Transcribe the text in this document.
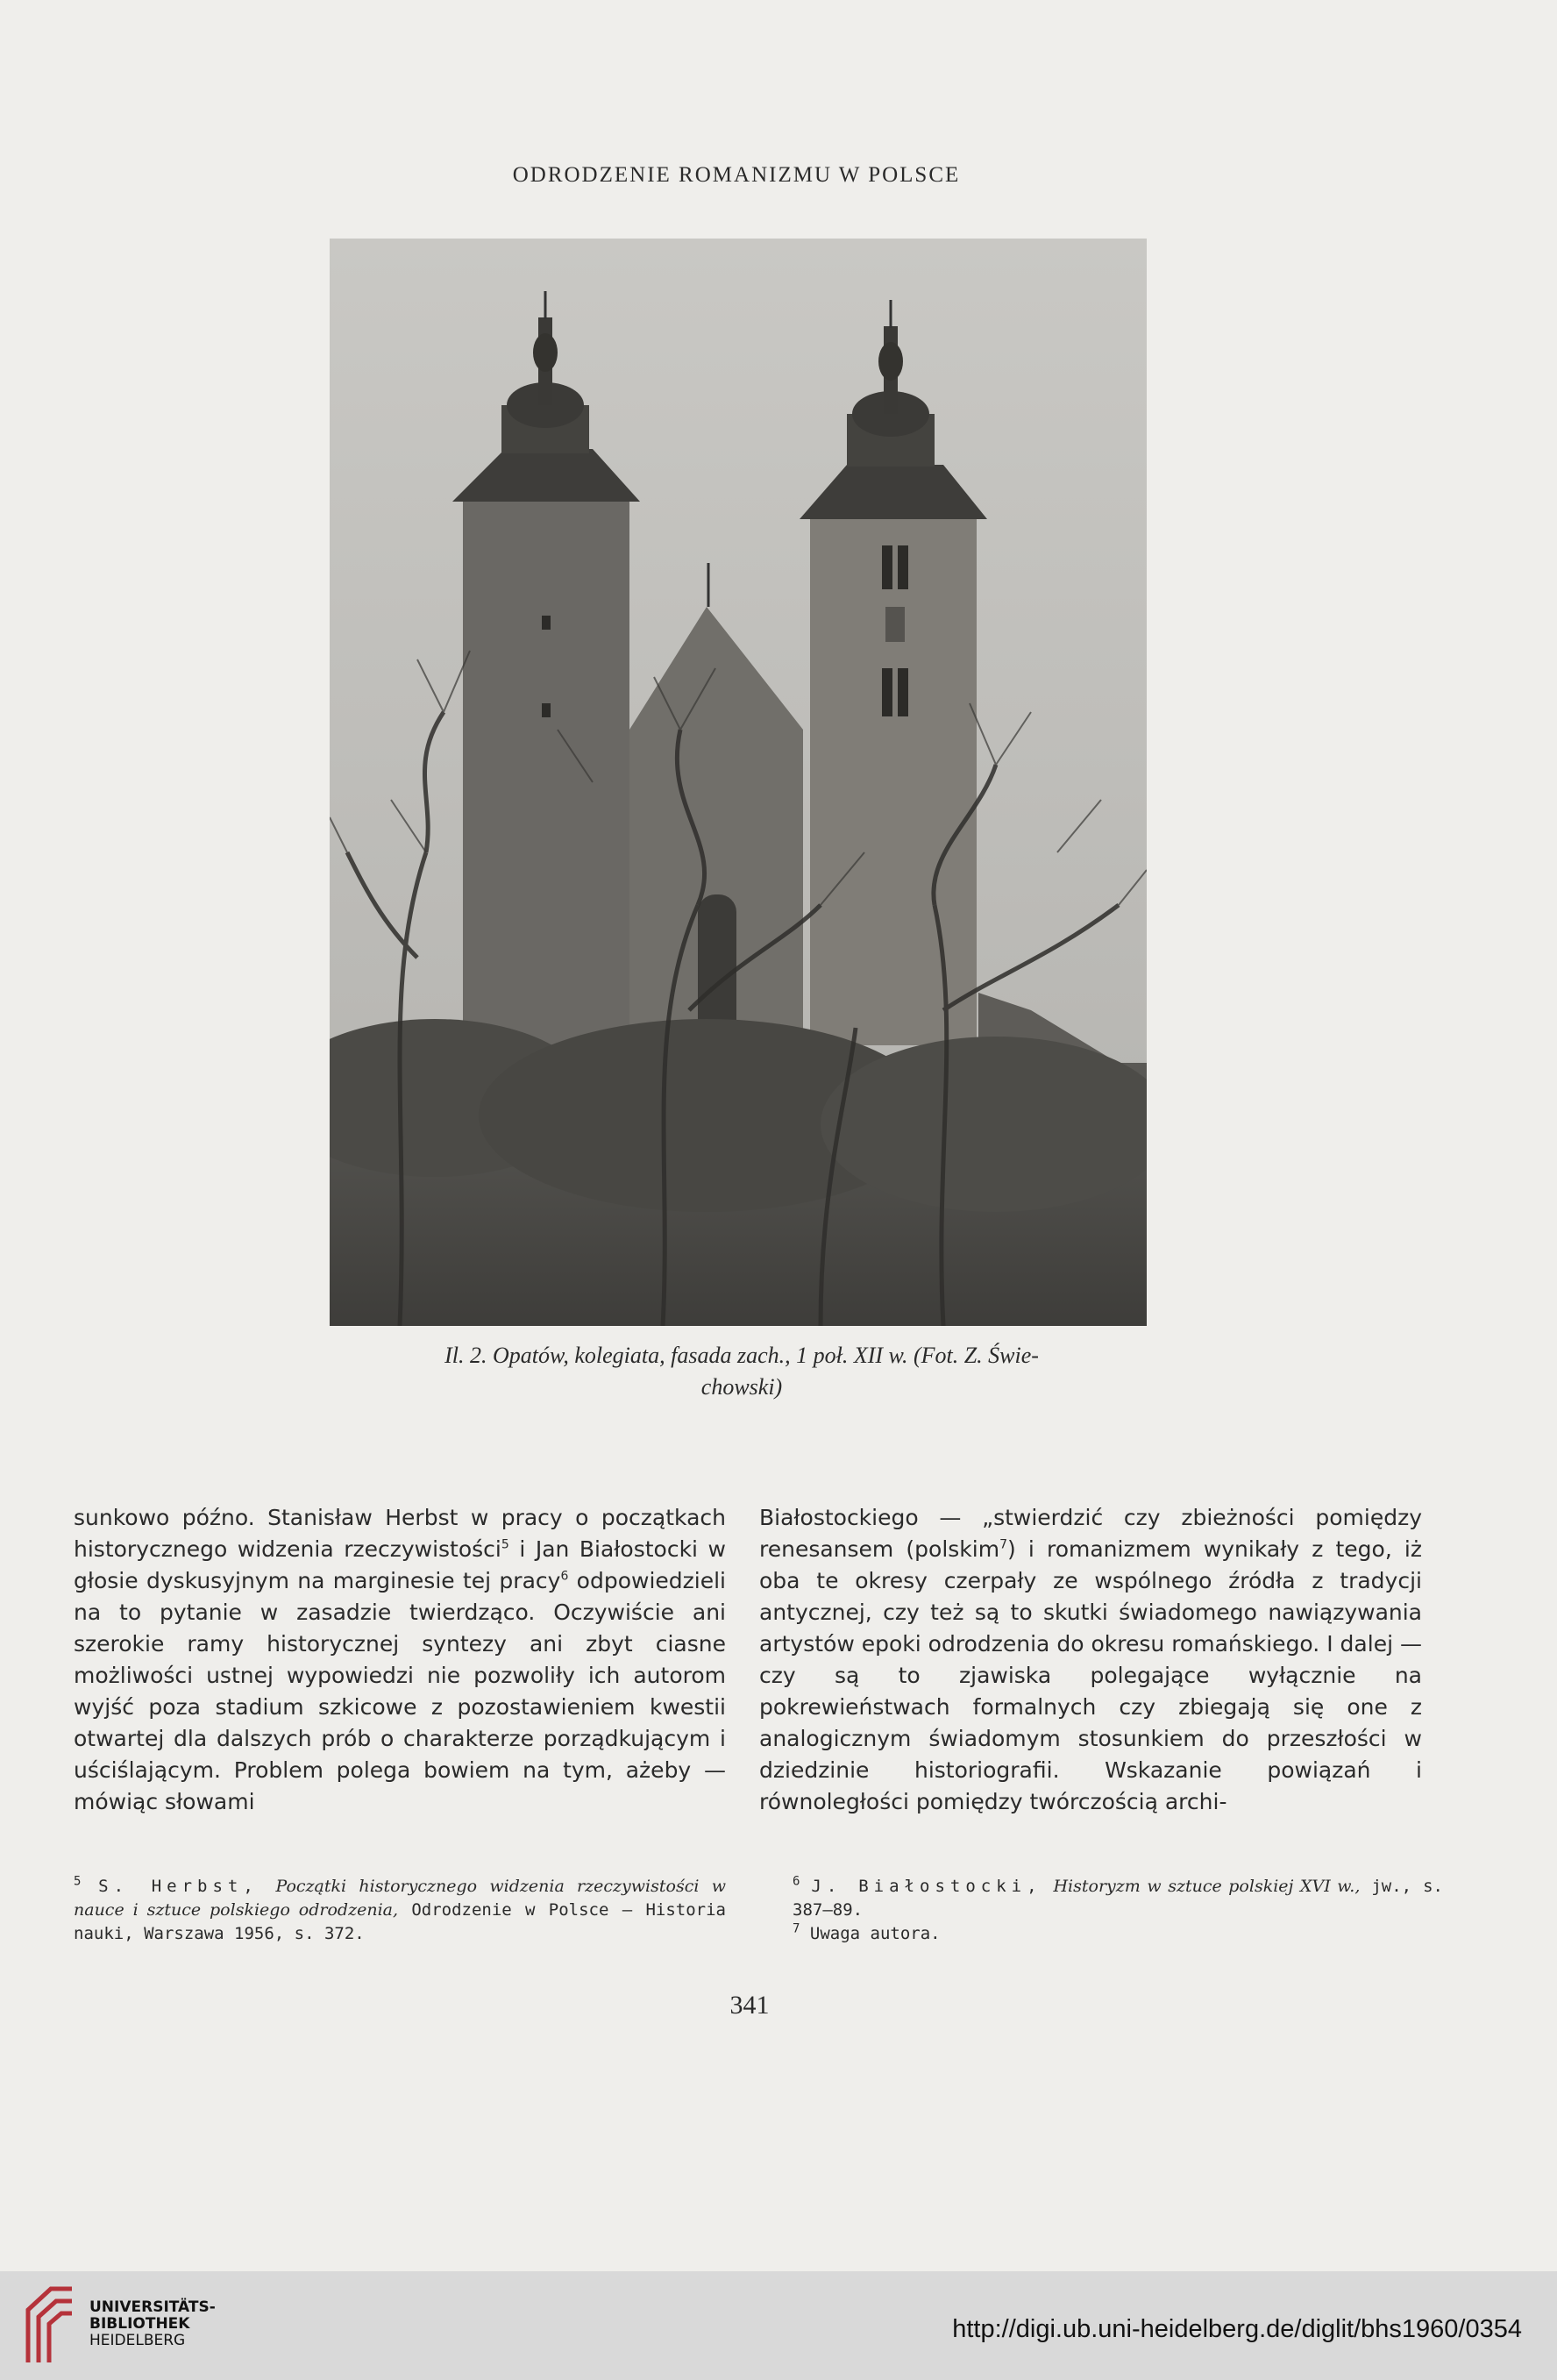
ODRODZENIE ROMANIZMU W POLSCE
Il. 2. Opatów, kolegiata, fasada zach., 1 poł. XII w. (Fot. Z. Świe-
chowski)
sunkowo późno. Stanisław Herbst w pracy o początkach historycznego widzenia rzeczywistości$^5$ i Jan Białostocki w głosie dyskusyjnym na marginesie tej pracy$^6$ odpowiedzieli na to pytanie w zasadzie twierdząco. Oczywiście ani szerokie ramy historycznej syntezy ani zbyt ciasne możliwości ustnej wypowiedzi nie pozwoliły ich autorom wyjść poza stadium szkicowe z pozostawieniem kwestii otwartej dla dalszych prób o charakterze porządkującym i uściślającym. Problem polega bowiem na tym, ażeby — mówiąc słowami
Białostockiego — „stwierdzić czy zbieżności pomiędzy renesansem (polskim$^7$) i romanizmem wynikały z tego, iż oba te okresy czerpały ze wspólnego źródła z tradycji antycznej, czy też są to skutki świadomego nawiązywania artystów epoki odrodzenia do okresu romańskiego. I dalej — czy są to zjawiska polegające wyłącznie na pokrewieństwach formalnych czy zbiegają się one z analogicznym świadomym stosunkiem do przeszłości w dziedzinie historiografii. Wskazanie powiązań i równoległości pomiędzy twórczością archi-
$^5$ S. Herbst, Początki historycznego widzenia rzeczywistości w nauce i sztuce polskiego odrodzenia, Odrodzenie w Polsce — Historia nauki, Warszawa 1956, s. 372.
$^6$ J. Białostocki, Historyzm w sztuce polskiej XVI w., jw., s. 387—89.
$^7$ Uwaga autora.
341
UNIVERSITÄTS-
BIBLIOTHEK
HEIDELBERG	http://digi.ub.uni-heidelberg.de/diglit/bhs1960/0354
